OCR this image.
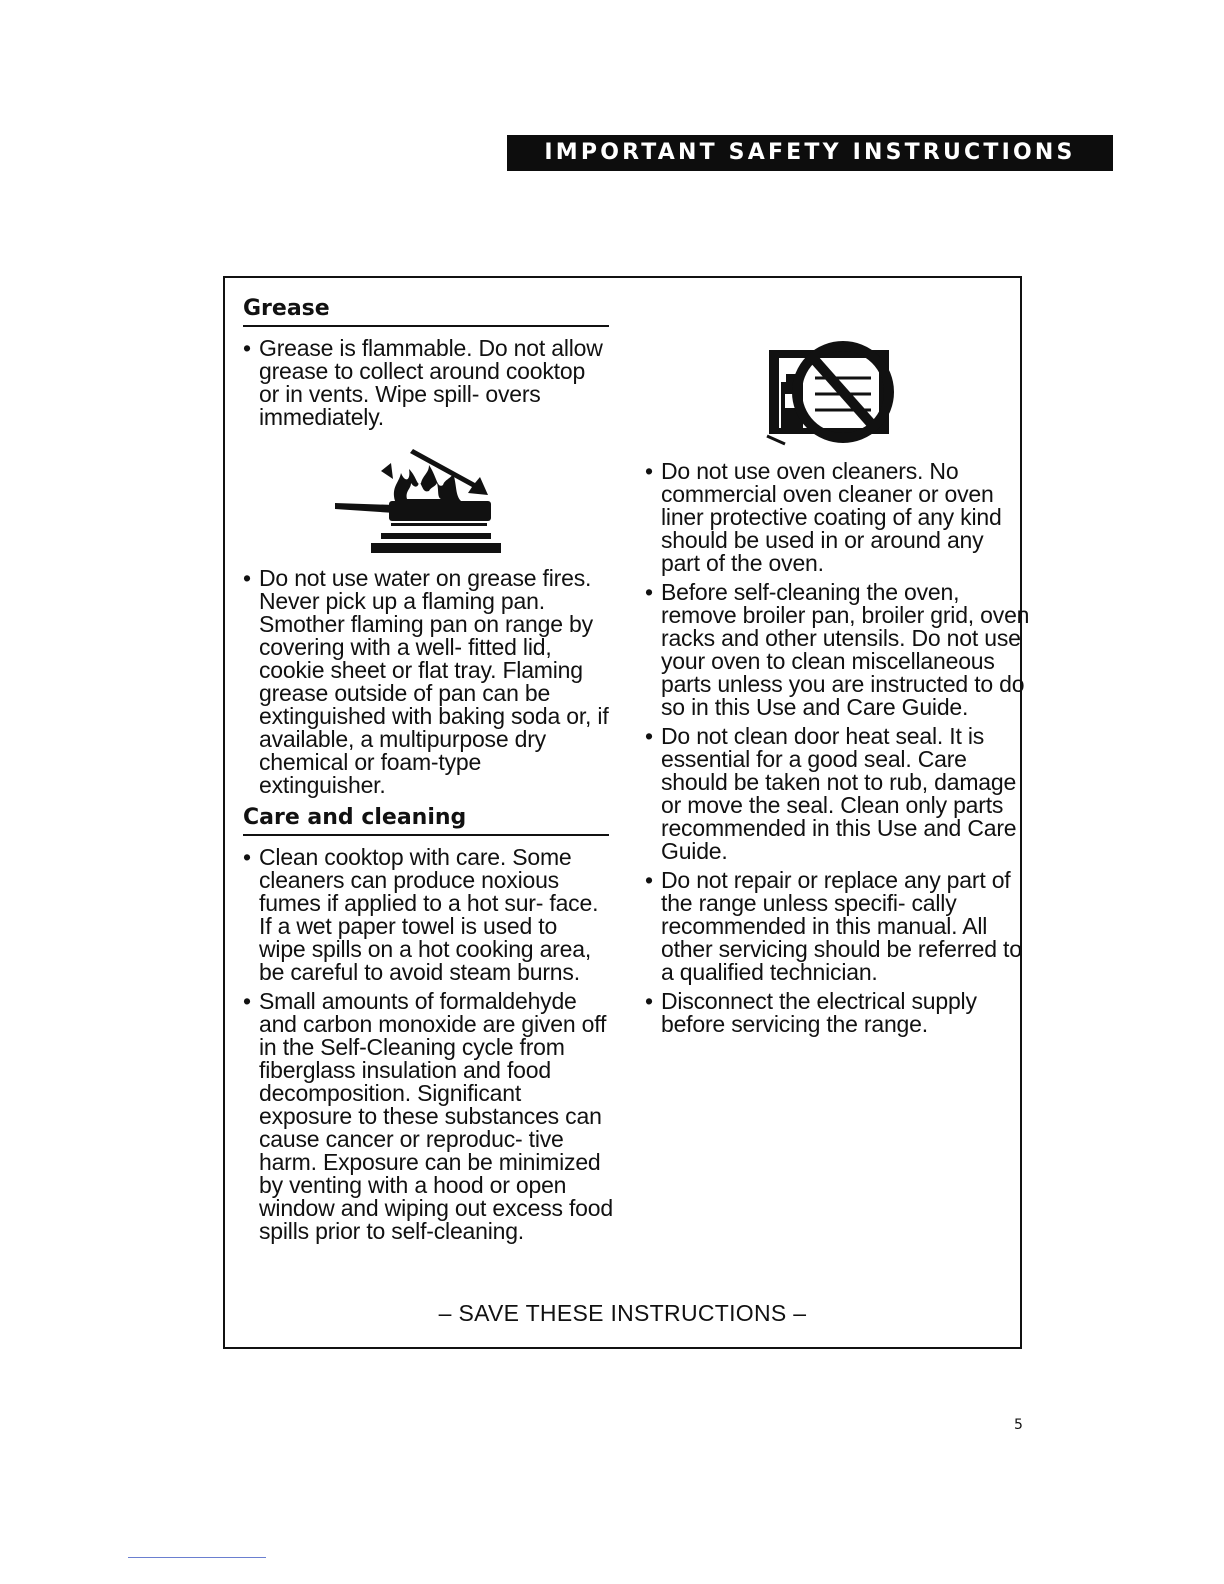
IMPORTANT SAFETY INSTRUCTIONS
Grease
• Grease is flammable. Do not allow grease to collect around cooktop or in vents. Wipe spill- overs immediately.
• Do not use water on grease fires. Never pick up a flaming pan. Smother flaming pan on range by covering with a well- fitted lid, cookie sheet or flat tray. Flaming grease outside of pan can be extinguished with baking soda or, if available, a multipurpose dry chemical or foam-type extinguisher.
Care and cleaning
• Clean cooktop with care. Some cleaners can produce noxious fumes if applied to a hot sur- face. If a wet paper towel is used to wipe spills on a hot cooking area, be careful to avoid steam burns.
• Small amounts of formaldehyde and carbon monoxide are given off in the Self-Cleaning cycle from fiberglass insulation and food decomposition. Significant exposure to these substances can cause cancer or reproduc- tive harm. Exposure can be minimized by venting with a hood or open window and wiping out excess food spills prior to self-cleaning.
• Do not use oven cleaners. No commercial oven cleaner or oven liner protective coating of any kind should be used in or around any part of the oven.
• Before self-cleaning the oven, remove broiler pan, broiler grid, oven racks and other utensils. Do not use your oven to clean miscellaneous parts unless you are instructed to do so in this Use and Care Guide.
• Do not clean door heat seal. It is essential for a good seal. Care should be taken not to rub, damage or move the seal. Clean only parts recommended in this Use and Care Guide.
• Do not repair or replace any part of the range unless specifi- cally recommended in this manual. All other servicing should be referred to a qualified technician.
• Disconnect the electrical supply before servicing the range.
– SAVE THESE INSTRUCTIONS –
5
